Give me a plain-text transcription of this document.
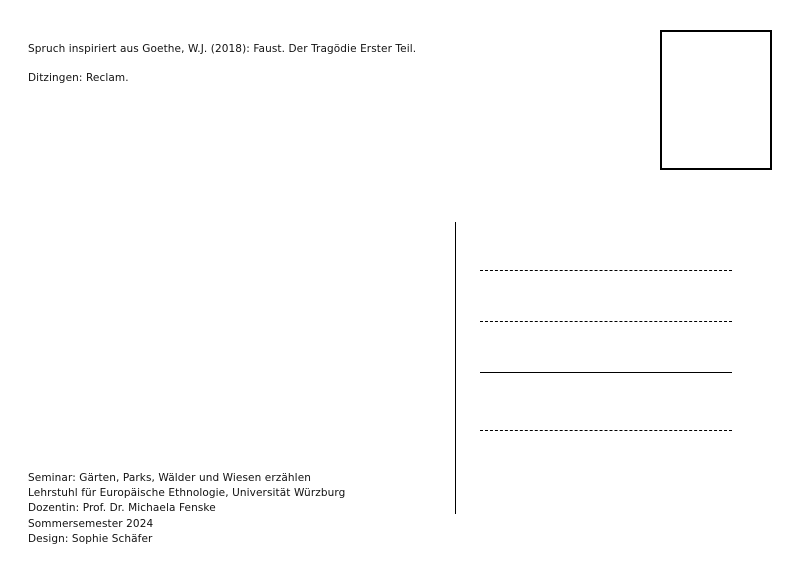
Spruch inspiriert aus Goethe, W.J. (2018): Faust. Der Tragödie Erster Teil.

Ditzingen: Reclam.

Seminar: Gärten, Parks, Wälder und Wiesen erzählen
Lehrstuhl für Europäische Ethnologie, Universität Würzburg
Dozentin: Prof. Dr. Michaela Fenske
Sommersemester 2024
Design: Sophie Schäfer
